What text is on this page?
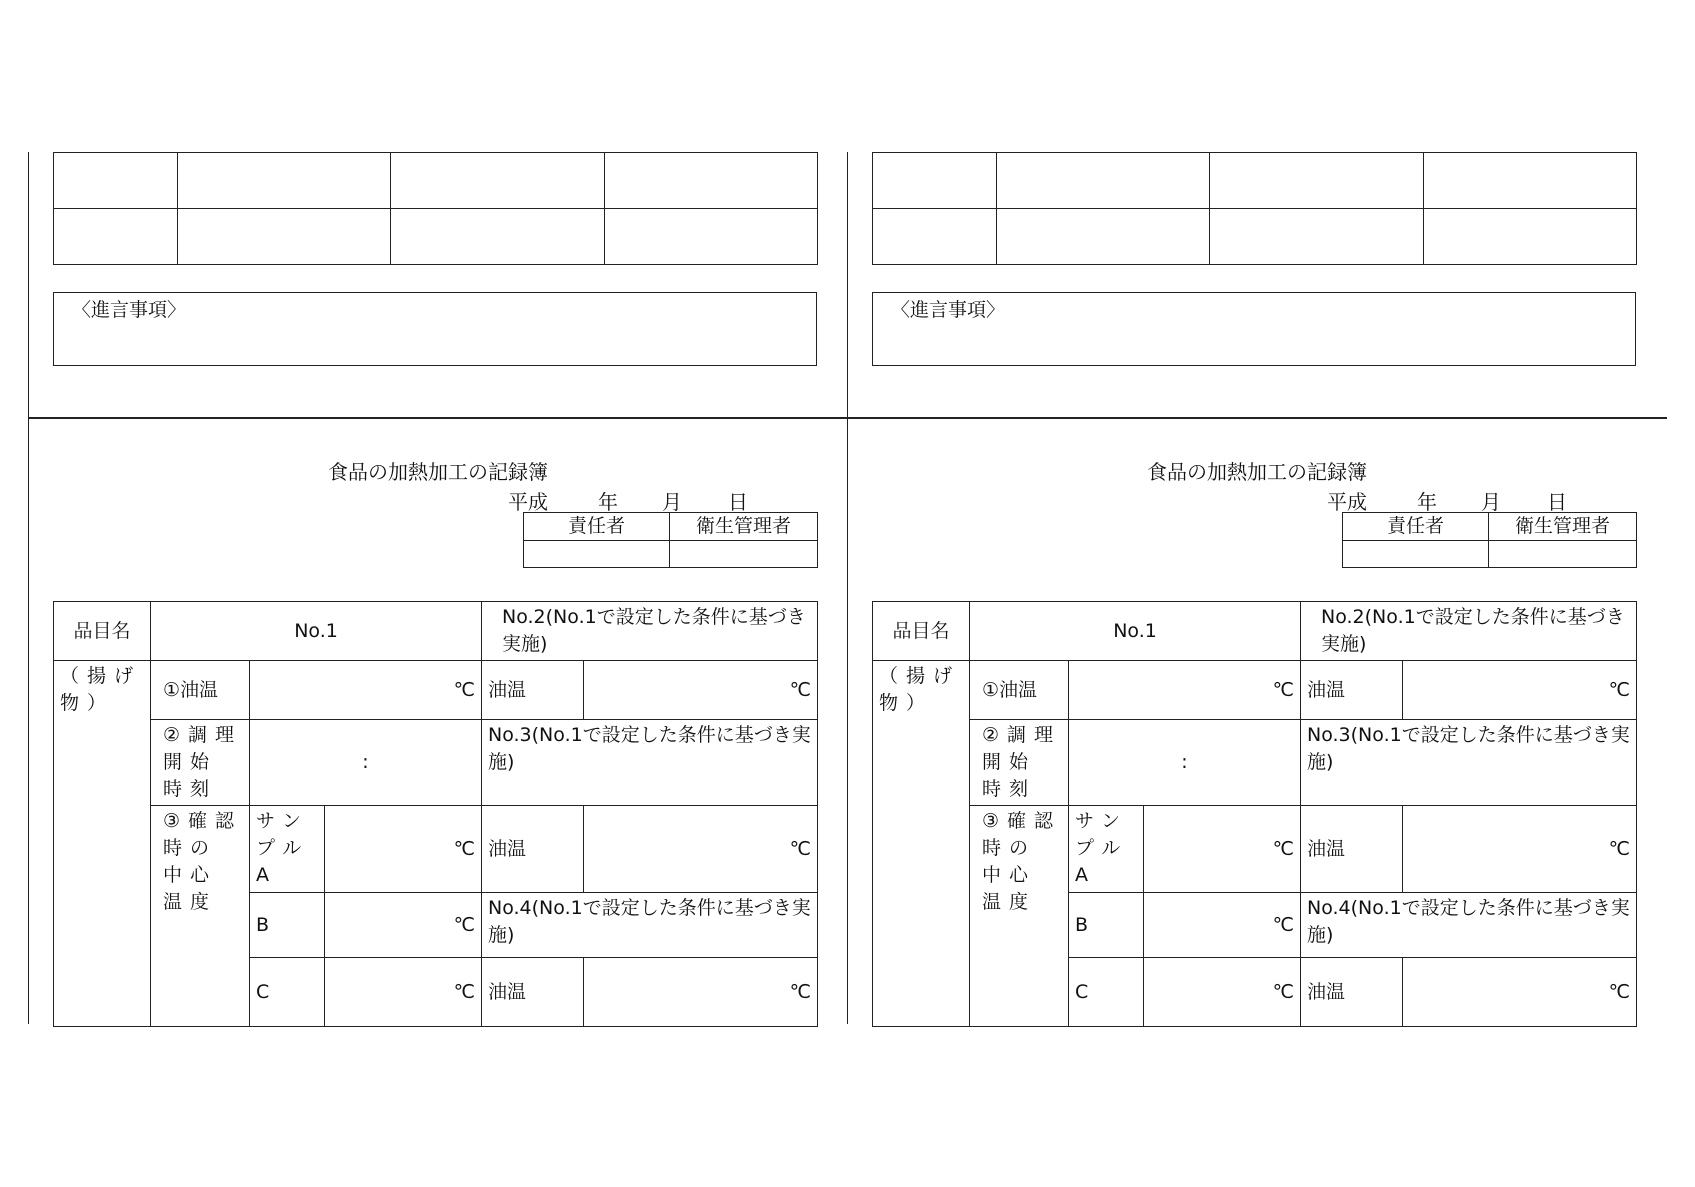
〈進言事項〉
食品の加熱加工の記録簿
平成	年 月 日
責任者	衛生管理者

品目名	No.1			No.2(No.1で設定した条件に基づき実施)	
（揚げ物）	①油温	℃		油温	℃
	②調理開始時刻	:		No.3(No.1で設定した条件に基づき実施)	
	③確認時の中心温度	サンプルA	℃	油温	℃
		B	℃	No.4(No.1で設定した条件に基づき実施)	
		C	℃	油温	℃

〈進言事項〉
食品の加熱加工の記録簿
平成	年 月 日
責任者	衛生管理者

品目名	No.1			No.2(No.1で設定した条件に基づき実施)	
（揚げ物）	①油温	℃		油温	℃
	②調理開始時刻	:		No.3(No.1で設定した条件に基づき実施)	
	③確認時の中心温度	サンプルA	℃	油温	℃
		B	℃	No.4(No.1で設定した条件に基づき実施)	
		C	℃	油温	℃
